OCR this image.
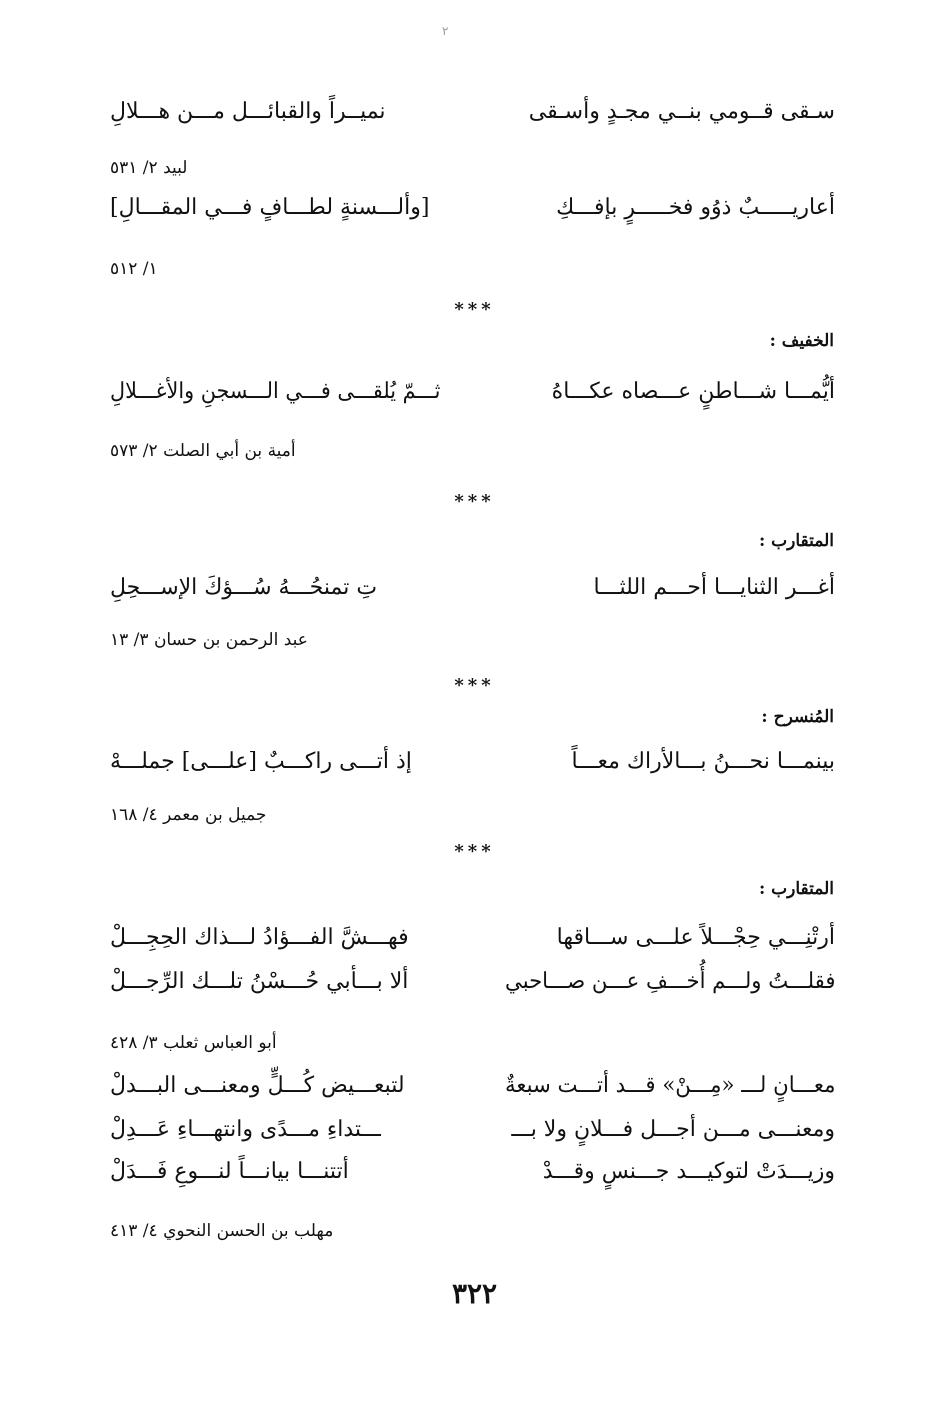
٢
سـقى قــومي بنــي مجـدٍ وأسـقى
نميــراً والقبائـــل مـــن هـــلالِ
لبيد ٢/ ٥٣١
أعاريـــــبٌ ذوُو فخـــــرٍ بإفـــكِ
[وألـــسنةٍ لطـــافٍ فـــي المقـــالِ]
١/ ٥١٢
***
الخفيف :
أيُّمـــا شـــاطنٍ عـــصاه عكـــاهُ
ثـــمّ يُلقـــى فـــي الـــسجنِ والأغـــلالِ
أمية بن أبي الصلت ٢/ ٥٧٣
***
المتقارب :
أغـــر الثنايـــا أحـــم اللثـــا
تِ تمنحُـــهُ سُـــؤكَ الإســـحِلِ
عبد الرحمن بن حسان ٣/ ١٣
***
المُنسرح :
بينمـــا نحـــنُ بـــالأراك معـــاً
إذ أتـــى راكـــبٌ [علـــى] جملـــهْ
جميل بن معمر ٤/ ١٦٨
***
المتقارب :
أرتْنِـــي حِجْـــلاً علـــى ســـاقها
فهـــشَّ الفـــؤادُ لـــذاك الحِجِـــلْ
فقلـــتُ ولـــم أُخـــفِ عـــن صـــاحبي
ألا بـــأبي حُـــسْنُ تلـــك الرِّجـــلْ
أبو العباس ثعلب ٣/ ٤٢٨
معـــانٍ لـــ «مِـــنْ» قـــد أتـــت سبعةٌ
لتبعـــيض كُـــلٍّ ومعنـــى البـــدلْ
ومعنـــى مـــن أجـــل فـــلانٍ ولا بـــ
ـــتداءِ مـــدًى وانتهـــاءِ عَـــدِلْ
وزيـــدَتْ لتوكيـــد جـــنسٍ وقـــدْ
أتتنـــا بيانـــاً لنـــوعِ فَـــدَلْ
مهلب بن الحسن النحوي ٤/ ٤١٣
٣٢٢
